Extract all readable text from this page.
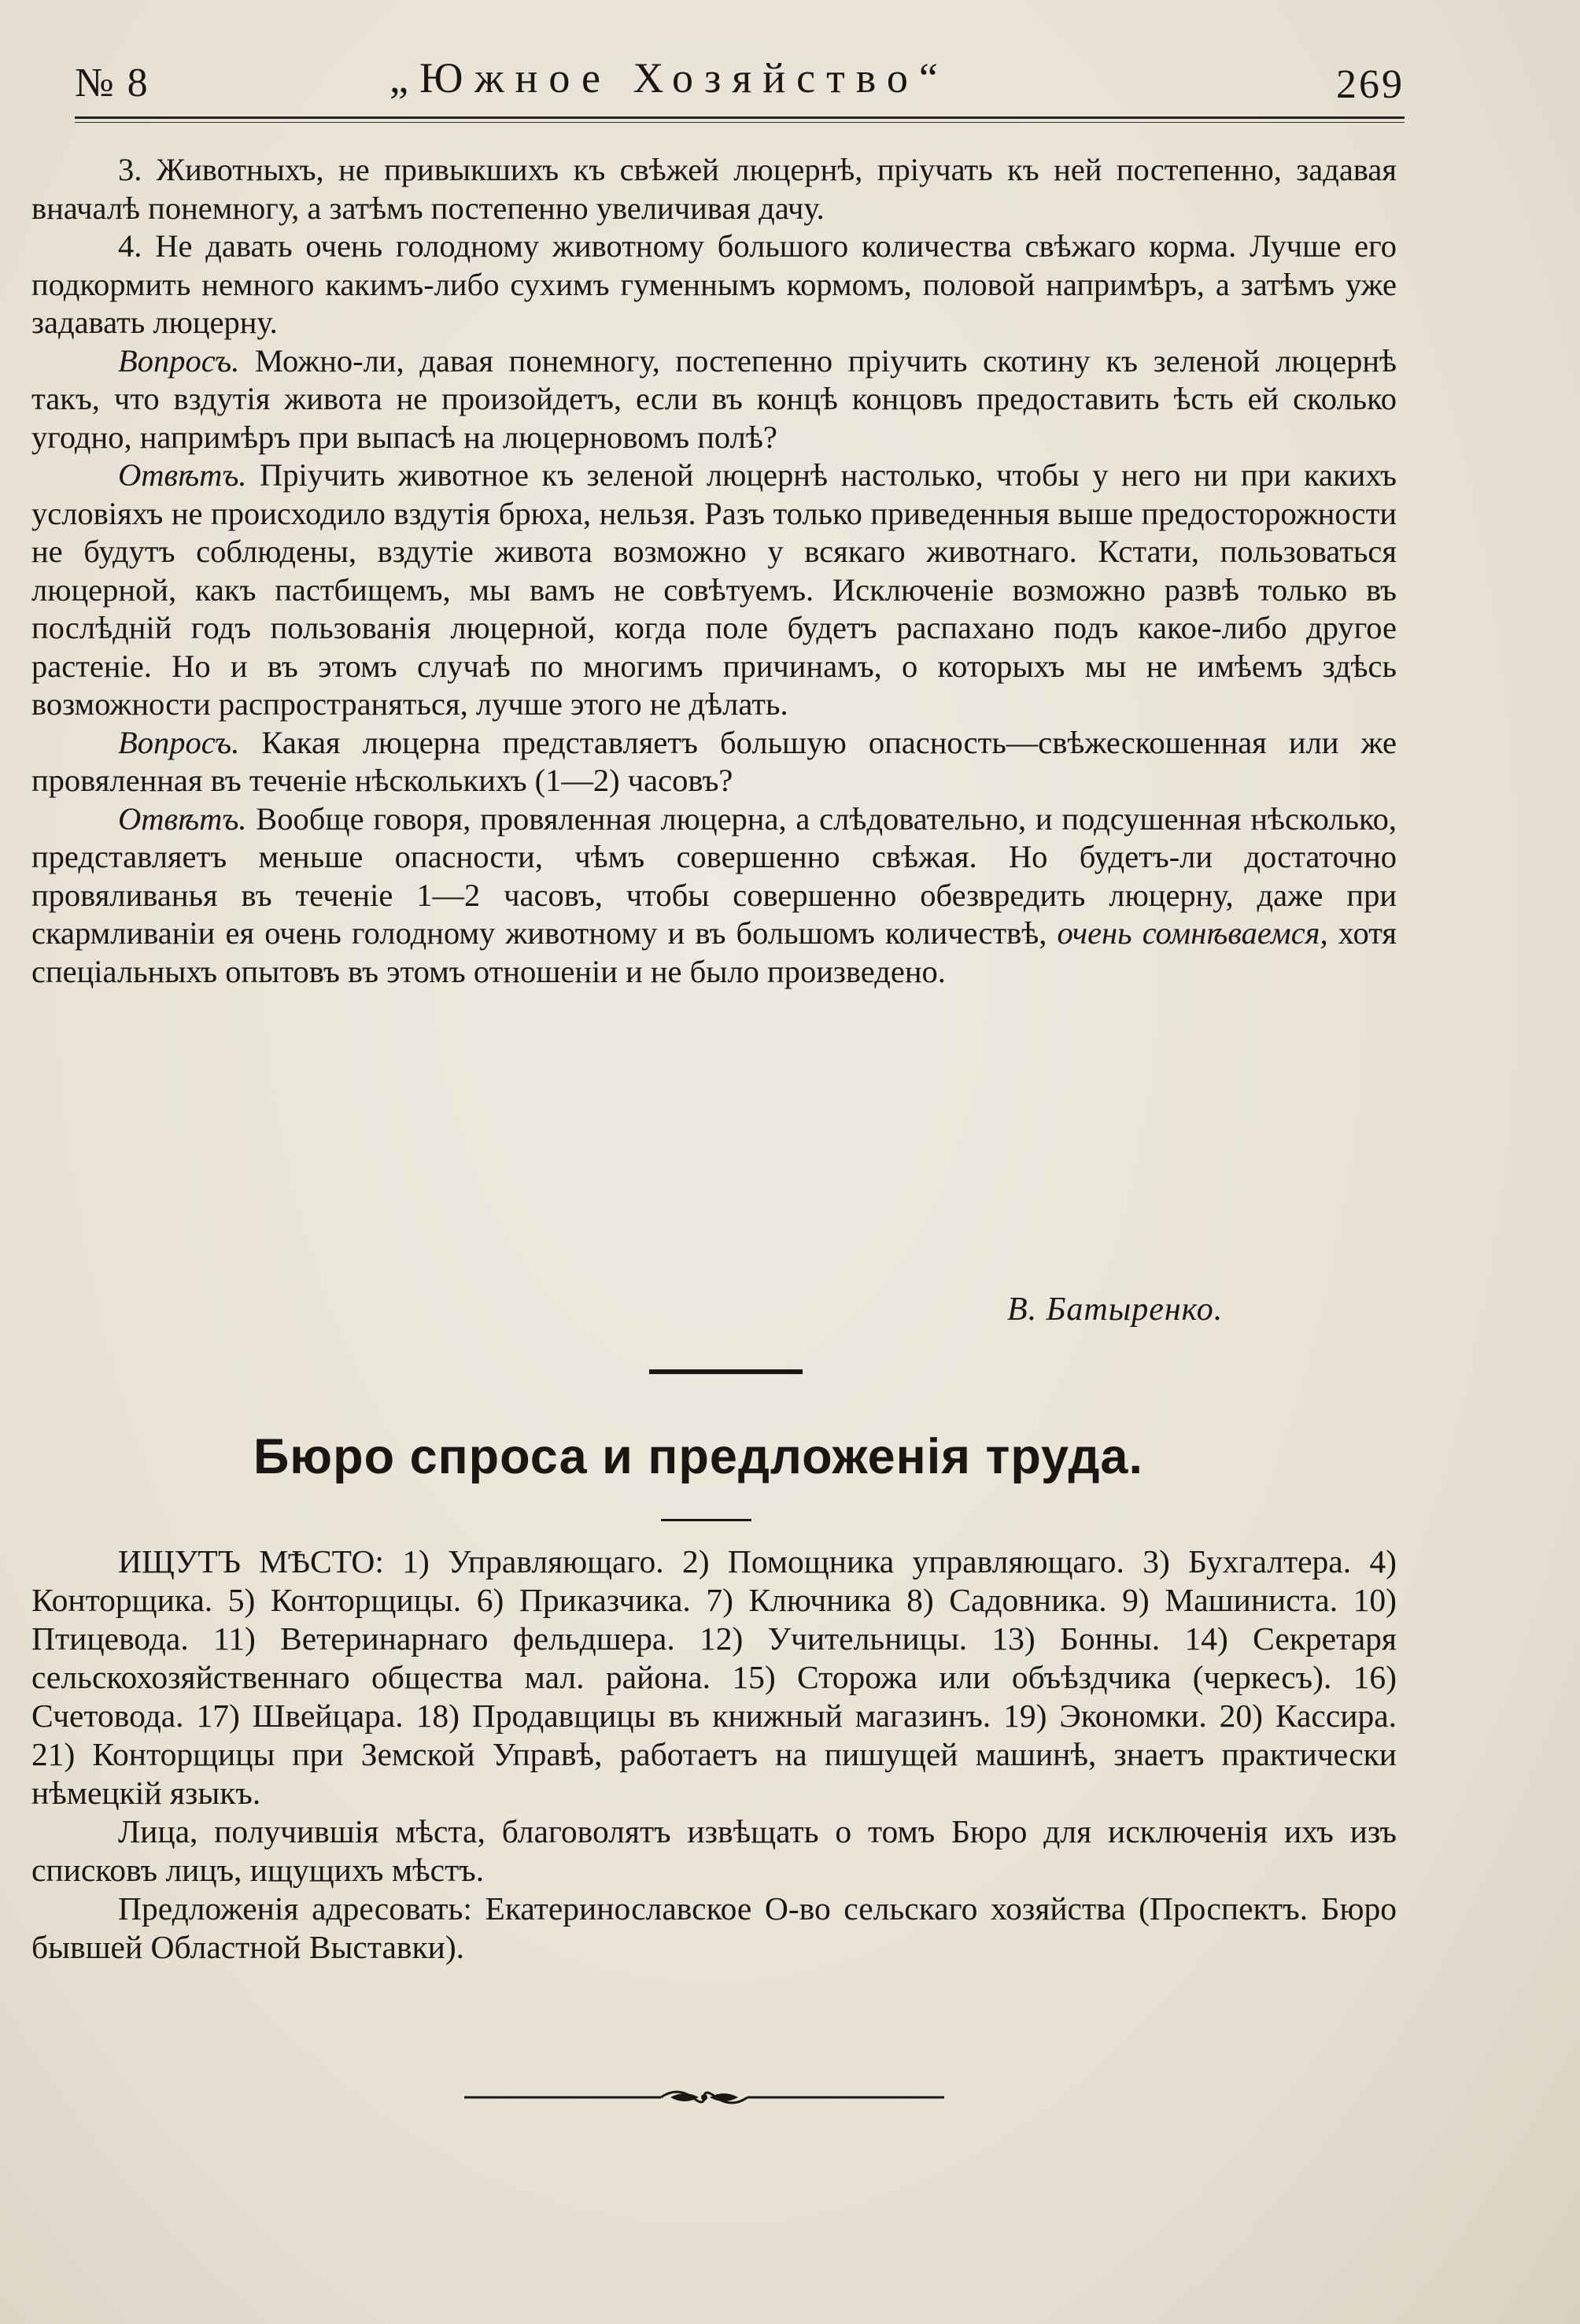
№ 8	„Южное Хозяйство“	269

3. Животныхъ, не привыкшихъ къ свѣжей люцернѣ, пріучать къ ней постепенно, задавая вначалѣ понемногу, а затѣмъ постепенно увеличивая дачу.

4. Не давать очень голодному животному большого количества свѣжаго корма. Лучше его подкормить немного какимъ-либо сухимъ гуменнымъ кормомъ, половой напримѣръ, а затѣмъ уже задавать люцерну.

Вопросъ. Можно-ли, давая понемногу, постепенно пріучить скотину къ зеленой люцернѣ такъ, что вздутія живота не произойдетъ, если въ концѣ концовъ предоставить ѣсть ей сколько угодно, напримѣръ при выпасѣ на люцерновомъ полѣ?

Отвѣтъ. Пріучить животное къ зеленой люцернѣ настолько, чтобы у него ни при какихъ условіяхъ не происходило вздутія брюха, нельзя. Разъ только приведенныя выше предосторожности не будутъ соблюдены, вздутіе живота возможно у всякаго животнаго. Кстати, пользоваться люцерной, какъ пастбищемъ, мы вамъ не совѣтуемъ. Исключеніе возможно развѣ только въ послѣдній годъ пользованія люцерной, когда поле будетъ распахано подъ какое-либо другое растеніе. Но и въ этомъ случаѣ по многимъ причинамъ, о которыхъ мы не имѣемъ здѣсь возможности распространяться, лучше этого не дѣлать.

Вопросъ. Какая люцерна представляетъ большую опасность—свѣжескошенная или же провяленная въ теченіе нѣсколькихъ (1—2) часовъ?

Отвѣтъ. Вообще говоря, провяленная люцерна, а слѣдовательно, и подсушенная нѣсколько, представляетъ меньше опасности, чѣмъ совершенно свѣжая. Но будетъ-ли достаточно провяливанья въ теченіе 1—2 часовъ, чтобы совершенно обезвредить люцерну, даже при скармливаніи ея очень голодному животному и въ большомъ количествѣ, очень сомнѣваемся, хотя спеціальныхъ опытовъ въ этомъ отношеніи и не было произведено.

В. Батыренко.
Бюро спроса и предложенія труда.

ИЩУТЪ МѢСТО: 1) Управляющаго. 2) Помощника управляющаго. 3) Бухгалтера. 4) Конторщика. 5) Конторщицы. 6) Приказчика. 7) Ключника 8) Садовника. 9) Машиниста. 10) Птицевода. 11) Ветеринарнаго фельдшера. 12) Учительницы. 13) Бонны. 14) Секретаря сельскохозяйственнаго общества мал. района. 15) Сторожа или объѣздчика (черкесъ). 16) Счетовода. 17) Швейцара. 18) Продавщицы въ книжный магазинъ. 19) Экономки. 20) Кассира. 21) Конторщицы при Земской Управѣ, работаетъ на пишущей машинѣ, знаетъ практически нѣмецкій языкъ.

Лица, получившія мѣста, благоволятъ извѣщать о томъ Бюро для исключенія ихъ изъ списковъ лицъ, ищущихъ мѣстъ.

Предложенія адресовать: Екатеринославское О-во сельскаго хозяйства (Проспектъ. Бюро бывшей Областной Выставки).
